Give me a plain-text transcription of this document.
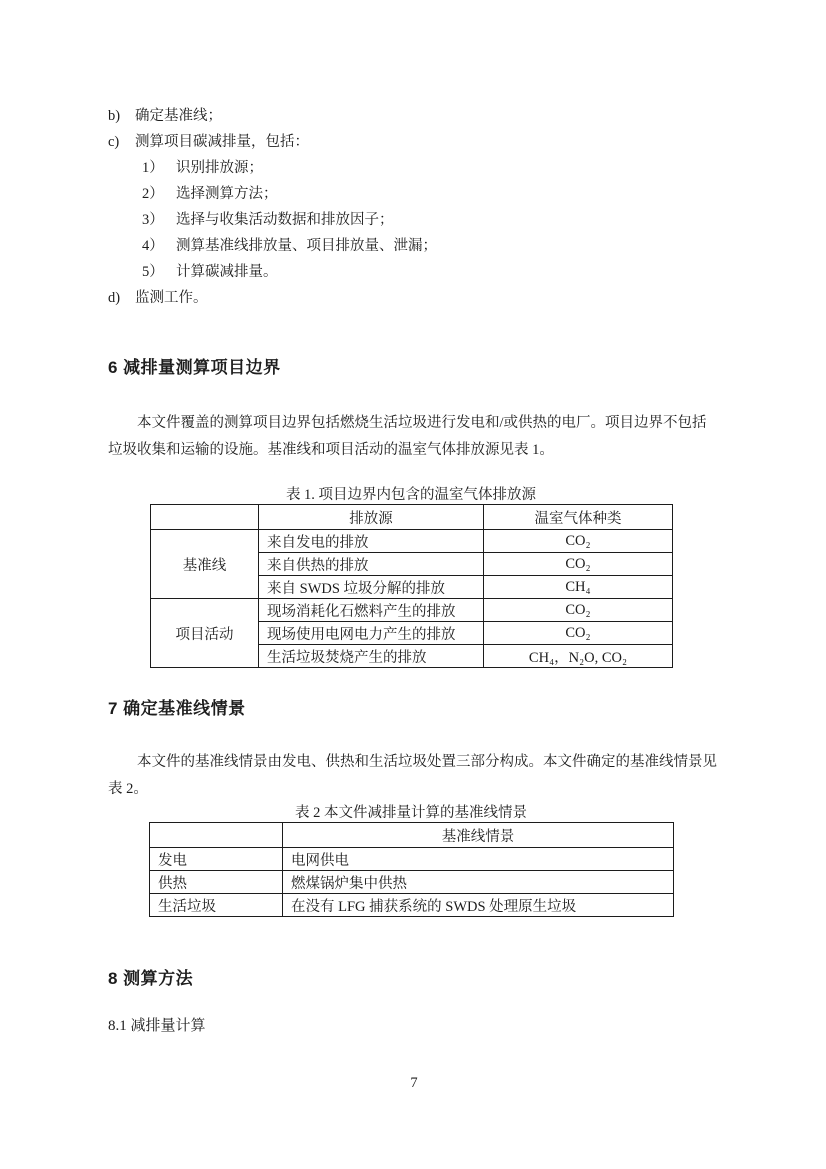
b)	确定基准线；
c)	测算项目碳减排量，包括：
1） 识别排放源；
2） 选择测算方法；
3） 选择与收集活动数据和排放因子；
4） 测算基准线排放量、项目排放量、泄漏；
5） 计算碳减排量。
d)	监测工作。
6 减排量测算项目边界
本文件覆盖的测算项目边界包括燃烧生活垃圾进行发电和/或供热的电厂。项目边界不包括
垃圾收集和运输的设施。基准线和项目活动的温室气体排放源见表 1。
表 1. 项目边界内包含的温室气体排放源
	排放源	温室气体种类
基准线	来自发电的排放	CO₂
	来自供热的排放	CO₂
	来自 SWDS 垃圾分解的排放	CH₄
项目活动	现场消耗化石燃料产生的排放	CO₂
	现场使用电网电力产生的排放	CO₂
	生活垃圾焚烧产生的排放	CH₄，N₂O, CO₂
7 确定基准线情景
本文件的基准线情景由发电、供热和生活垃圾处置三部分构成。本文件确定的基准线情景见
表 2。
表 2 本文件减排量计算的基准线情景
	基准线情景
发电	电网供电
供热	燃煤锅炉集中供热
生活垃圾	在没有 LFG 捕获系统的 SWDS 处理原生垃圾
8 测算方法
8.1 减排量计算
7
